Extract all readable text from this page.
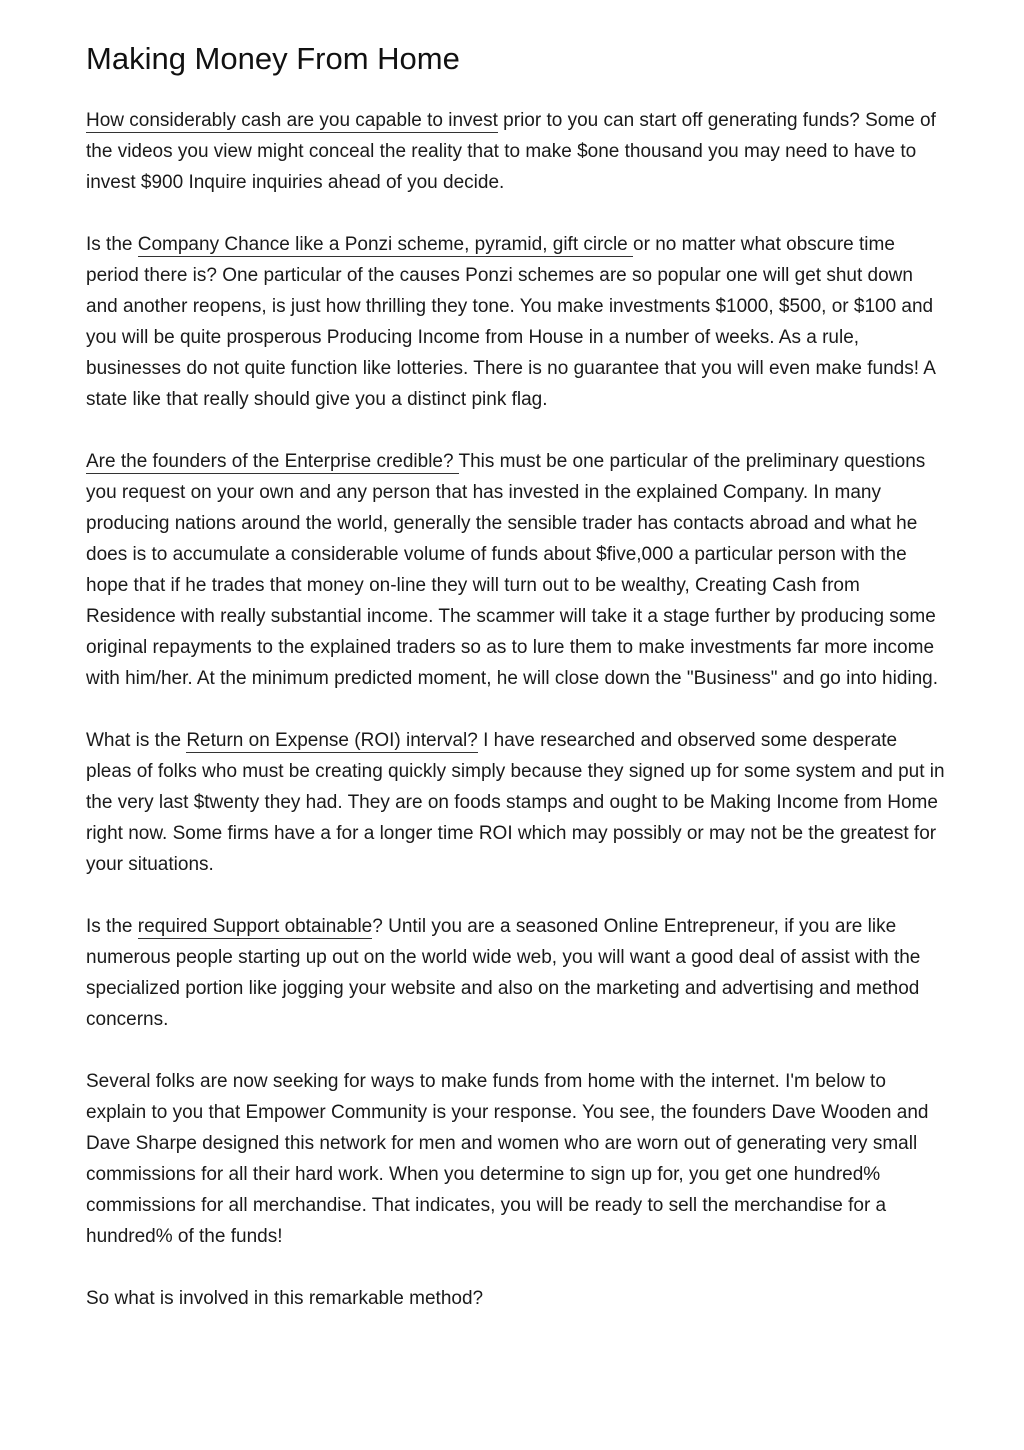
Making Money From Home

How considerably cash are you capable to invest prior to you can start off generating funds? Some of the videos you view might conceal the reality that to make $one thousand you may need to have to invest $900 Inquire inquiries ahead of you decide.

Is the Company Chance like a Ponzi scheme, pyramid, gift circle or no matter what obscure time period there is? One particular of the causes Ponzi schemes are so popular one will get shut down and another reopens, is just how thrilling they tone. You make investments $1000, $500, or $100 and you will be quite prosperous Producing Income from House in a number of weeks. As a rule, businesses do not quite function like lotteries. There is no guarantee that you will even make funds! A state like that really should give you a distinct pink flag.

Are the founders of the Enterprise credible? This must be one particular of the preliminary questions you request on your own and any person that has invested in the explained Company. In many producing nations around the world, generally the sensible trader has contacts abroad and what he does is to accumulate a considerable volume of funds about $five,000 a particular person with the hope that if he trades that money on-line they will turn out to be wealthy, Creating Cash from Residence with really substantial income. The scammer will take it a stage further by producing some original repayments to the explained traders so as to lure them to make investments far more income with him/her. At the minimum predicted moment, he will close down the "Business" and go into hiding.

What is the Return on Expense (ROI) interval? I have researched and observed some desperate pleas of folks who must be creating quickly simply because they signed up for some system and put in the very last $twenty they had. They are on foods stamps and ought to be Making Income from Home right now. Some firms have a for a longer time ROI which may possibly or may not be the greatest for your situations.

Is the required Support obtainable? Until you are a seasoned Online Entrepreneur, if you are like numerous people starting up out on the world wide web, you will want a good deal of assist with the specialized portion like jogging your website and also on the marketing and advertising and method concerns.

Several folks are now seeking for ways to make funds from home with the internet. I'm below to explain to you that Empower Community is your response. You see, the founders Dave Wooden and Dave Sharpe designed this network for men and women who are worn out of generating very small commissions for all their hard work. When you determine to sign up for, you get one hundred% commissions for all merchandise. That indicates, you will be ready to sell the merchandise for a hundred% of the funds!

So what is involved in this remarkable method?
